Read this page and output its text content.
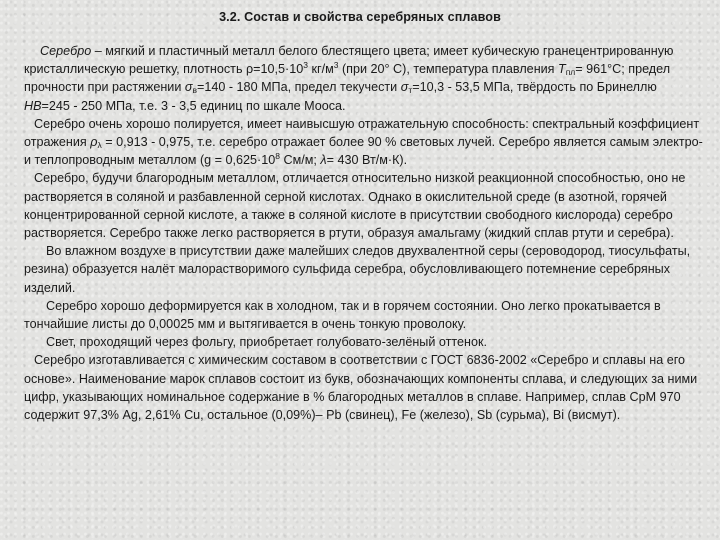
3.2. Состав и свойства серебряных сплавов

Серебро – мягкий и пластичный металл белого блестящего цвета; имеет кубическую гранецентрированную кристаллическую решетку, плотность $\rho=10,5\cdot 10^3$ $кг/м^3$ (при 20° С), температура плавления $Т_{пл}= 961^\circ С$; предел прочности при растяжении $\sigma_в=140 - 180$ МПа, предел текучести $\sigma_т=10,3 - 53,5$ МПа, твёрдость по Бринеллю НВ=245 - 250 МПа, т.е. 3 - 3,5 единиц по шкале Мооса.

Серебро очень хорошо полируется, имеет наивысшую отражательную способность: спектральный коэффициент отражения $\rho_\lambda = 0,913 - 0,975$, т.е. серебро отражает более 90 % световых лучей. Серебро является самым электро- и теплопроводным металлом ($g = 0,625\cdot 10^8$ См/м; λ= 430 Вт/м·К).

Серебро, будучи благородным металлом, отличается относительно низкой реакционной способностью, оно не растворяется в соляной и разбавленной серной кислотах. Однако в окислительной среде (в азотной, горячей концентрированной серной кислоте, а также в соляной кислоте в присутствии свободного кислорода) серебро растворяется. Серебро также легко растворяется в ртути, образуя амальгаму (жидкий сплав ртути и серебра).

Во влажном воздухе в присутствии даже малейших следов двухвалентной серы (сероводород, тиосульфаты, резина) образуется налёт малорастворимого сульфида серебра, обусловливающего потемнение серебряных изделий.

Серебро хорошо деформируется как в холодном, так и в горячем состоянии. Оно легко прокатывается в тончайшие листы до 0,00025 мм и вытягивается в очень тонкую проволоку.

Свет, проходящий через фольгу, приобретает голубовато-зелёный оттенок.

Серебро изготавливается с химическим составом в соответствии с ГОСТ 6836-2002 «Серебро и сплавы на его основе». Наименование марок сплавов состоит из букв, обозначающих компоненты сплава, и следующих за ними цифр, указывающих номинальное содержание в % благородных металлов в сплаве. Например, сплав СрМ 970 содержит 97,3% Ag, 2,61% Cu, остальное (0,09%)– Pb (свинец), Fe (железо), Sb (сурьма), Bi (висмут).
